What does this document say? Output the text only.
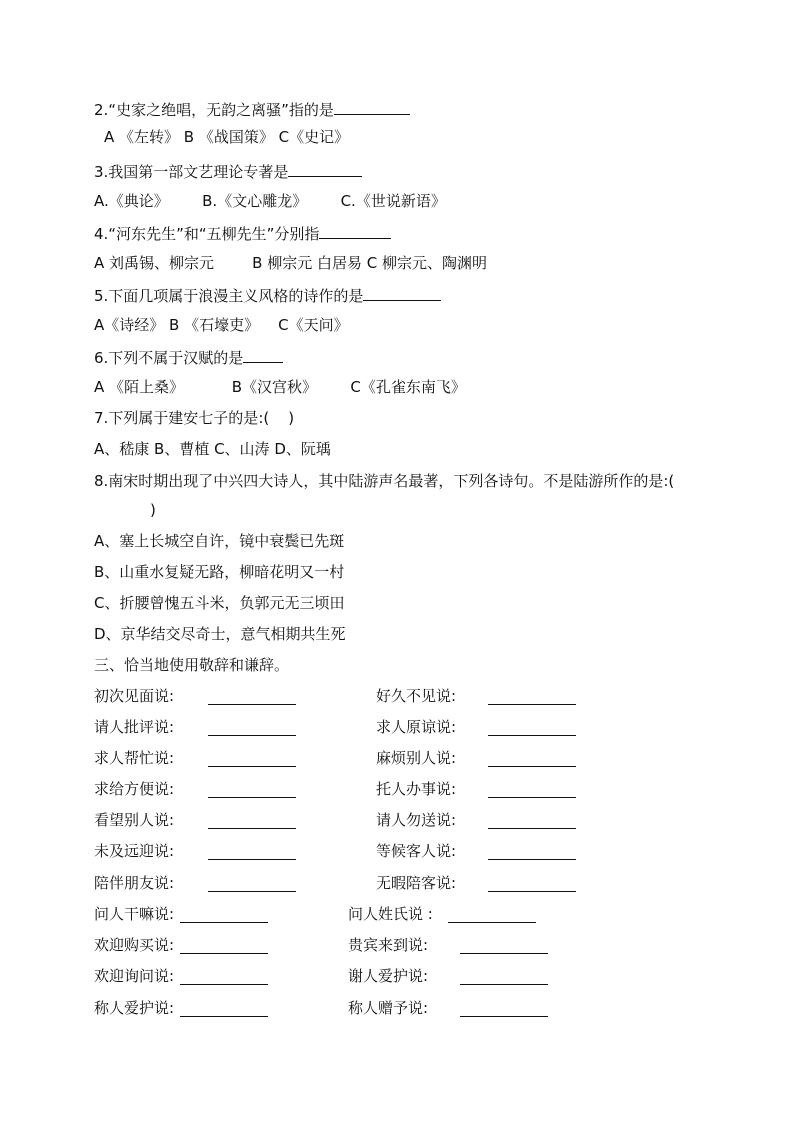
2.“史家之绝唱，无韵之离骚”指的是
A 《左转》 B 《战国策》 C《史记》
3.我国第一部文艺理论专著是
A.《典论》       B.《文心雕龙》       C.《世说新语》
4.“河东先生”和“五柳先生”分别指
A 刘禹锡、柳宗元        B 柳宗元 白居易 C 柳宗元、陶渊明
5.下面几项属于浪漫主义风格的诗作的是
A《诗经》 B 《石壕吏》    C《天问》
6.下列不属于汉赋的是
A 《陌上桑》          B《汉宫秋》       C《孔雀东南飞》
7.下列属于建安七子的是:(    )
A、嵇康 B、曹植 C、山涛 D、阮瑀
8.南宋时期出现了中兴四大诗人，其中陆游声名最著，下列各诗句。不是陆游所作的是:(
)
A、塞上长城空自许，镜中衰鬓已先斑
B、山重水复疑无路，柳暗花明又一村
C、折腰曾愧五斗米，负郭元无三顷田
D、京华结交尽奇士，意气相期共生死
三、恰当地使用敬辞和谦辞。
初次见面说:	好久不见说:
请人批评说:	求人原谅说:
求人帮忙说:	麻烦别人说:
求给方便说:	托人办事说:
看望别人说:	请人勿送说:
未及远迎说:	等候客人说:
陪伴朋友说:	无暇陪客说:
问人干嘛说:	问人姓氏说 :
欢迎购买说:	贵宾来到说:
欢迎询问说:	谢人爱护说:
称人爱护说:	称人赠予说:
